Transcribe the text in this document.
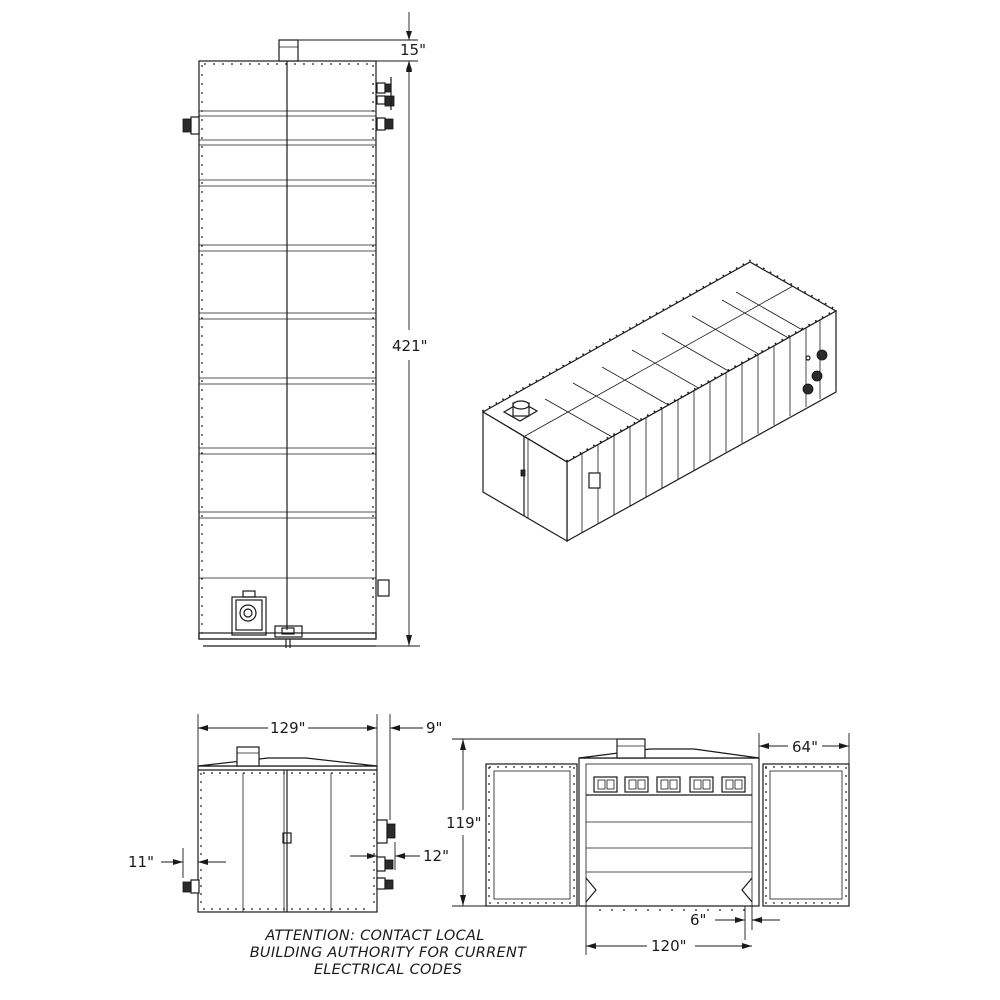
15"
421"
129"	9"
11"	12"
119"
64"
6"
120"
ATTENTION: CONTACT LOCAL
BUILDING AUTHORITY FOR CURRENT
ELECTRICAL CODES
